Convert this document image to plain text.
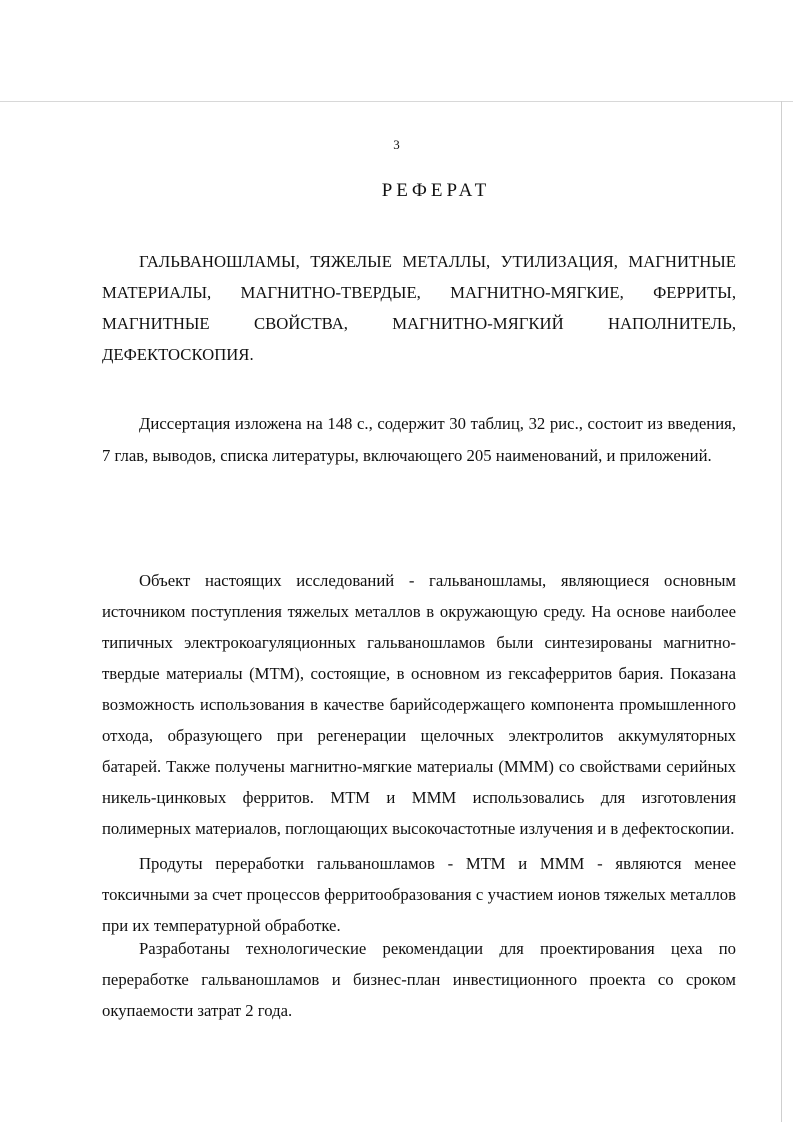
3
РЕФЕРАТ

ГАЛЬВАНОШЛАМЫ, ТЯЖЕЛЫЕ МЕТАЛЛЫ, УТИЛИЗАЦИЯ, МАГНИТНЫЕ МАТЕРИАЛЫ, МАГНИТНО-ТВЕРДЫЕ, МАГНИТНО-МЯГКИЕ, ФЕРРИТЫ, МАГНИТНЫЕ СВОЙСТВА, МАГНИТНО-МЯГКИЙ НАПОЛНИТЕЛЬ, ДЕФЕКТОСКОПИЯ.

Диссертация изложена на 148 с., содержит 30 таблиц, 32 рис., состоит из введения, 7 глав, выводов, списка литературы, включающего 205 наименований, и приложений.

Объект настоящих исследований - гальваношламы, являющиеся основным источником поступления тяжелых металлов в окружающую среду. На основе наиболее типичных электрокоагуляционных гальваношламов были синтезированы магнитно-твердые материалы (МТМ), состоящие, в основном из гексаферритов бария. Показана возможность использования в качестве барийсодержащего компонента промышленного отхода, образующего при регенерации щелочных электролитов аккумуляторных батарей. Также получены магнитно-мягкие материалы (МММ) со свойствами серийных никель-цинковых ферритов. МТМ и МММ использовались для изготовления полимерных материалов, поглощающих высокочастотные излучения и в дефектоскопии.

Продуты переработки гальваношламов - МТМ и МММ - являются менее токсичными за счет процессов ферритообразования с участием ионов тяжелых металлов при их температурной обработке.

Разработаны технологические рекомендации для проектирования цеха по переработке гальваношламов и бизнес-план инвестиционного проекта со сроком окупаемости затрат 2 года.
